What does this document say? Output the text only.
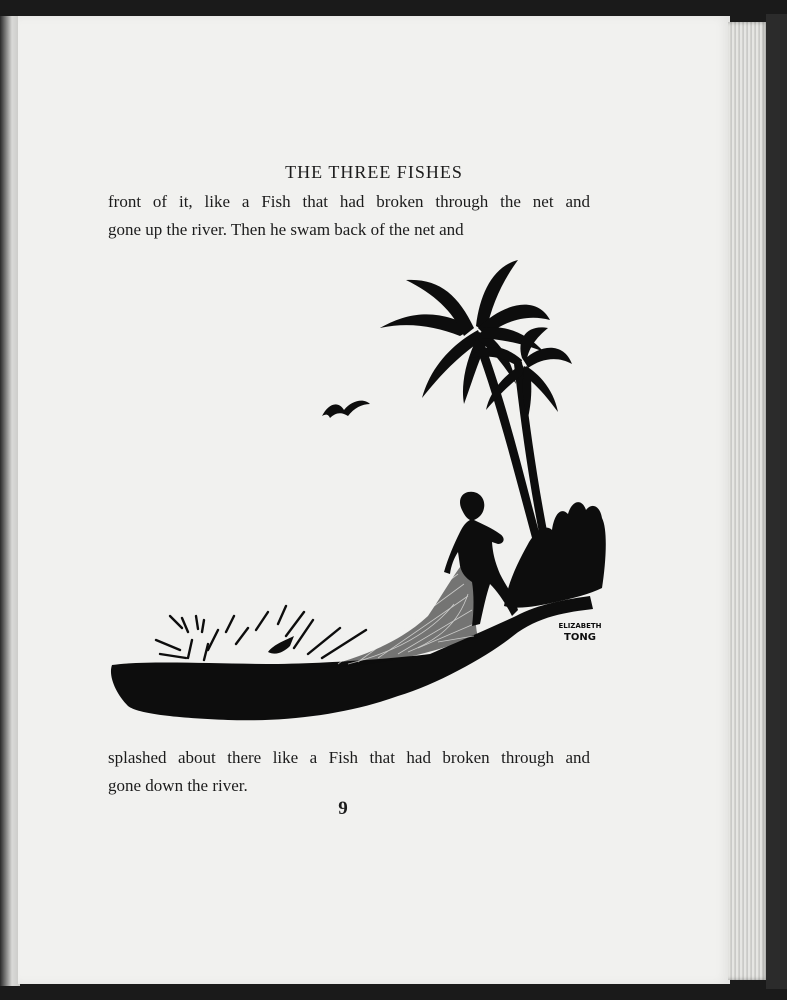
THE THREE FISHES

front of it, like a Fish that had broken through the net and
gone up the river. Then he swam back of the net and

ELIZABETH
TONG

splashed about there like a Fish that had broken through and
gone down the river.

9
